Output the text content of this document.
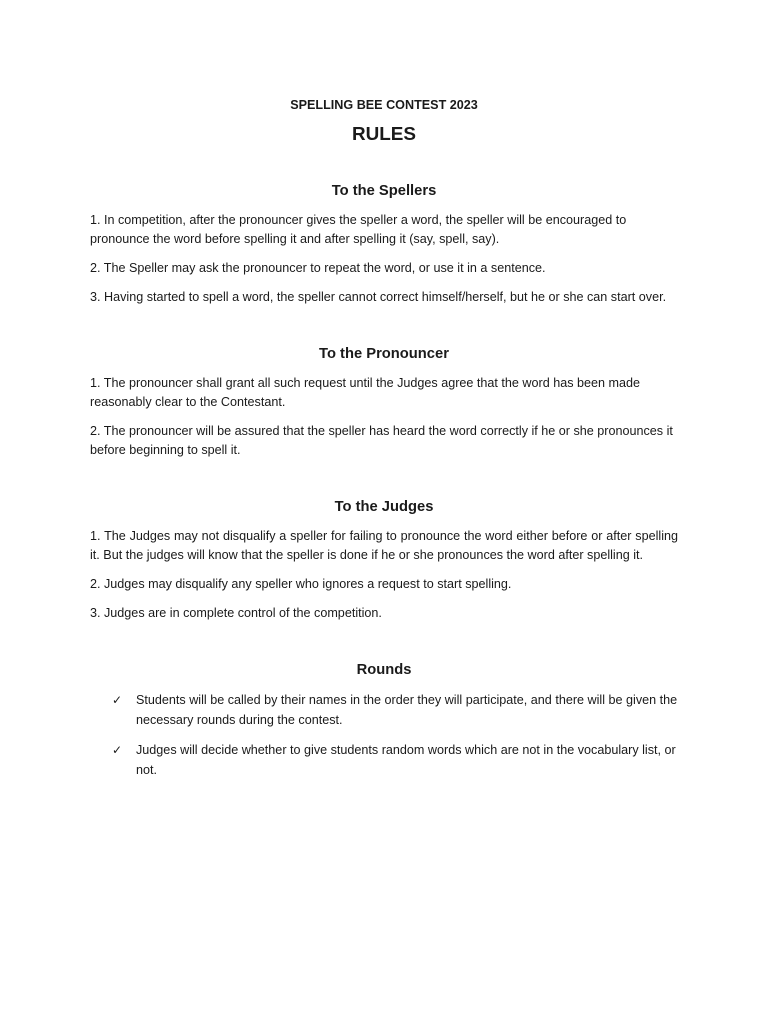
SPELLING BEE CONTEST 2023
RULES
To the Spellers

1. In competition, after the pronouncer gives the speller a word, the speller will be encouraged to pronounce the word before spelling it and after spelling it (say, spell, say).

2. The Speller may ask the pronouncer to repeat the word, or use it in a sentence.

3. Having started to spell a word, the speller cannot correct himself/herself, but he or she can start over.

To the Pronouncer

1. The pronouncer shall grant all such request until the Judges agree that the word has been made reasonably clear to the Contestant.

2. The pronouncer will be assured that the speller has heard the word correctly if he or she pronounces it before beginning to spell it.

To the Judges

1. The Judges may not disqualify a speller for failing to pronounce the word either before or after spelling it. But the judges will know that the speller is done if he or she pronounces the word after spelling it.

2. Judges may disqualify any speller who ignores a request to start spelling.

3. Judges are in complete control of the competition.

Rounds
✓ Students will be called by their names in the order they will participate, and there will be given the necessary rounds during the contest.
✓ Judges will decide whether to give students random words which are not in the vocabulary list, or not.
